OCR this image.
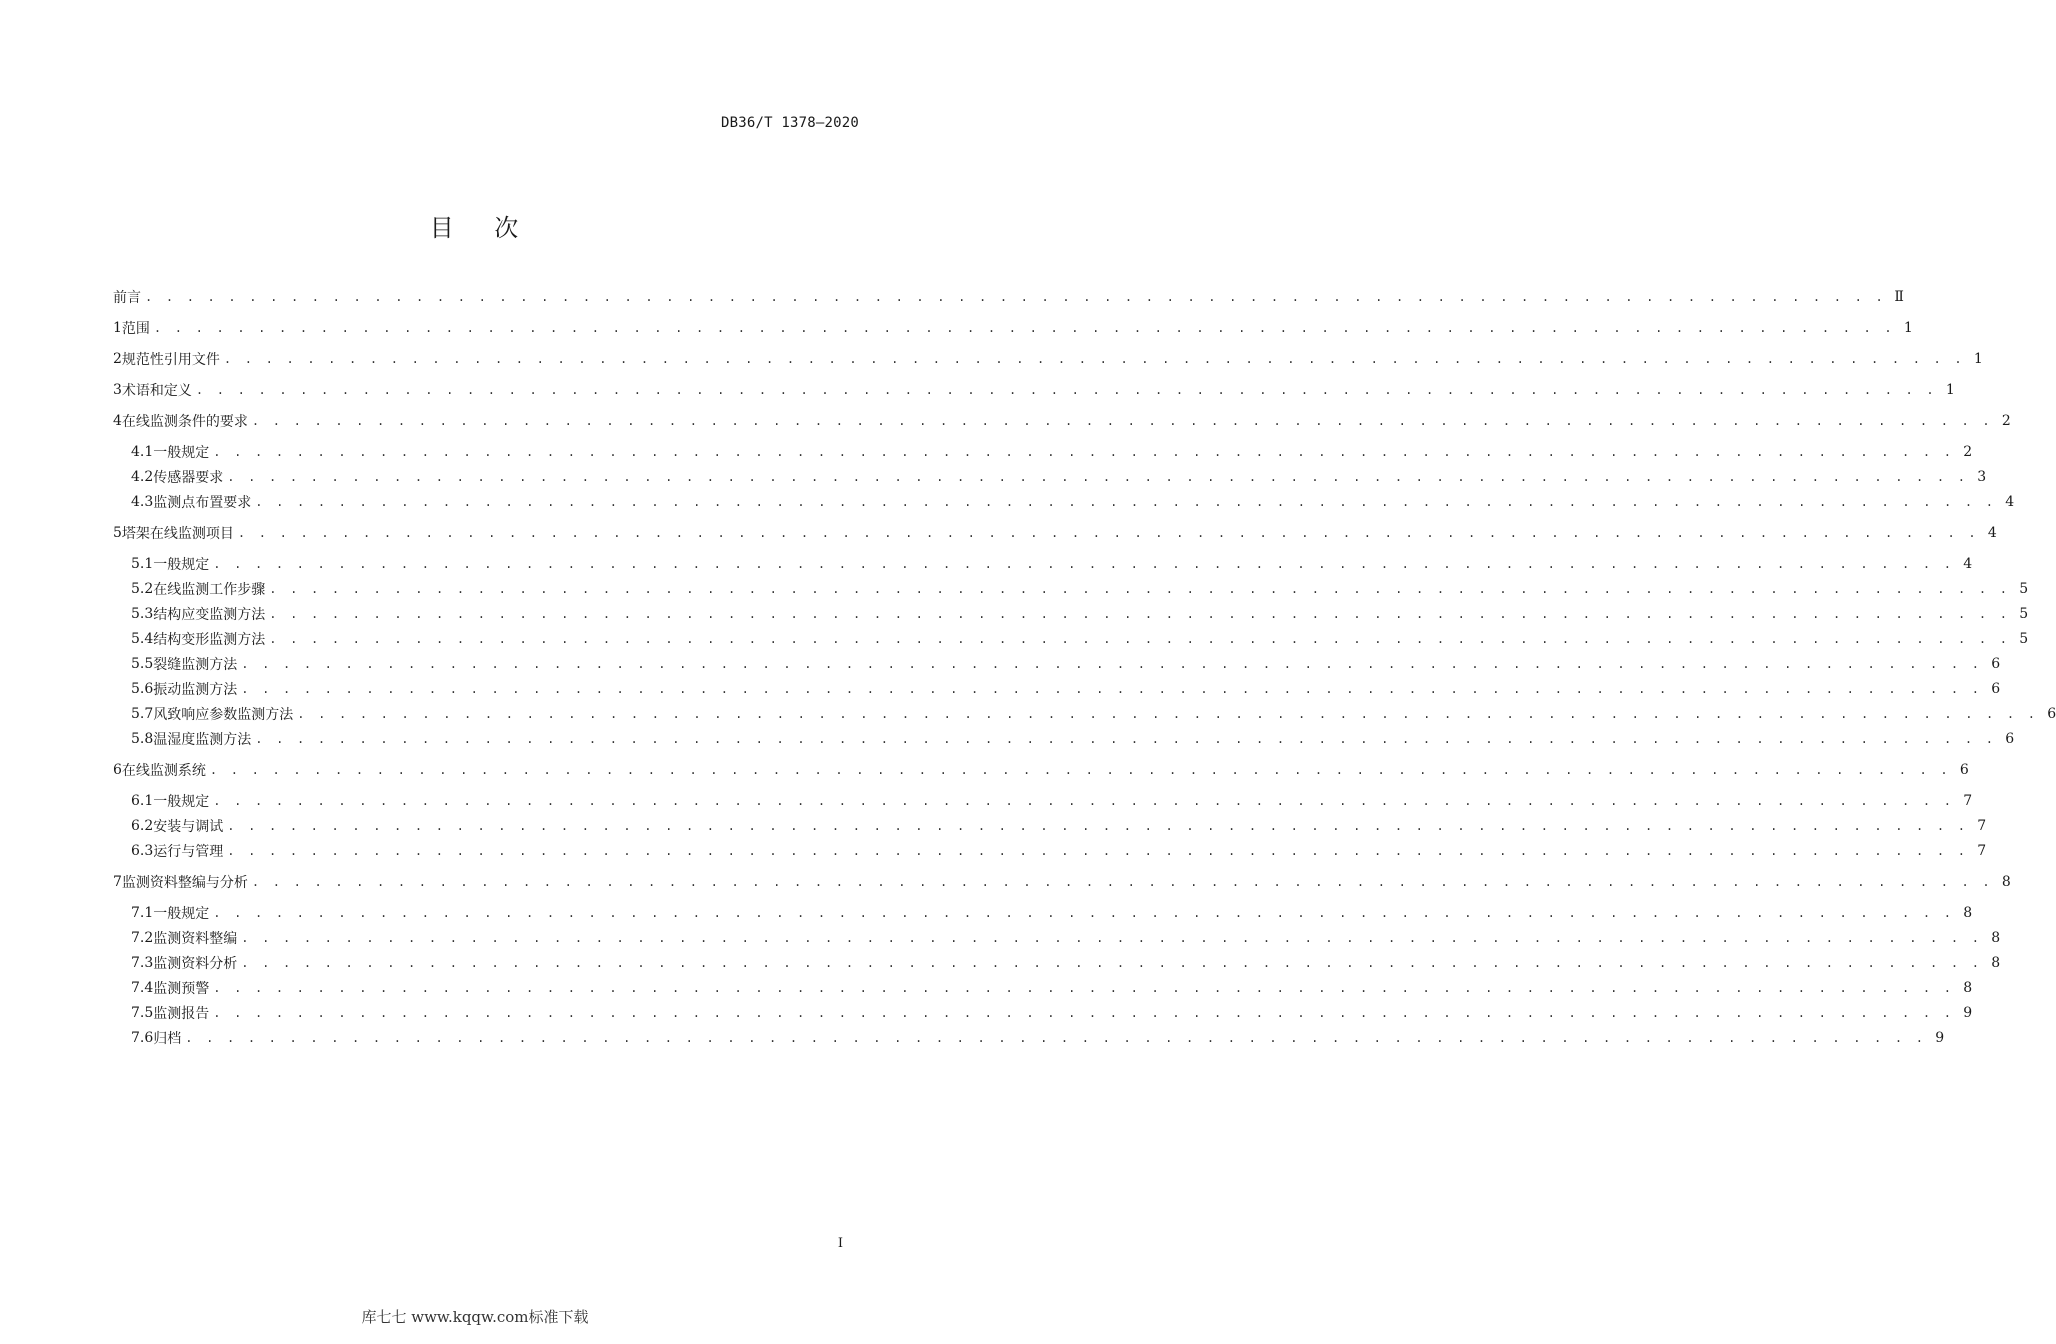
DB36/T 1378—2020
目 次
前言 . . . . . . . . . . . . . . . . . . . . . . . . . . . . . . . . . . . . . . . . . . . . . . . . . . . . . . . . . . . . . . . . . . . . . . . . . . . . . . . . . . . . Ⅱ
1 范围 . . . . . . . . . . . . . . . . . . . . . . . . . . . . . . . . . . . . . . . . . . . . . . . . . . . . . . . . . . . . . . . . . . . . . . . . . . . . . . . . . . . . 1
2 规范性引用文件 . . . . . . . . . . . . . . . . . . . . . . . . . . . . . . . . . . . . . . . . . . . . . . . . . . . . . . . . . . . . . . . . . . . . . . . . . . . . . . . . . . . . 1
3 术语和定义 . . . . . . . . . . . . . . . . . . . . . . . . . . . . . . . . . . . . . . . . . . . . . . . . . . . . . . . . . . . . . . . . . . . . . . . . . . . . . . . . . . . . 1
4 在线监测条件的要求 . . . . . . . . . . . . . . . . . . . . . . . . . . . . . . . . . . . . . . . . . . . . . . . . . . . . . . . . . . . . . . . . . . . . . . . . . . . . . . . . . . . . 2
4.1 一般规定 . . . . . . . . . . . . . . . . . . . . . . . . . . . . . . . . . . . . . . . . . . . . . . . . . . . . . . . . . . . . . . . . . . . . . . . . . . . . . . . . . . . . 2
4.2 传感器要求 . . . . . . . . . . . . . . . . . . . . . . . . . . . . . . . . . . . . . . . . . . . . . . . . . . . . . . . . . . . . . . . . . . . . . . . . . . . . . . . . . . . . 3
4.3 监测点布置要求 . . . . . . . . . . . . . . . . . . . . . . . . . . . . . . . . . . . . . . . . . . . . . . . . . . . . . . . . . . . . . . . . . . . . . . . . . . . . . . . . . . . . 4
5 塔架在线监测项目 . . . . . . . . . . . . . . . . . . . . . . . . . . . . . . . . . . . . . . . . . . . . . . . . . . . . . . . . . . . . . . . . . . . . . . . . . . . . . . . . . . . . 4
5.1 一般规定 . . . . . . . . . . . . . . . . . . . . . . . . . . . . . . . . . . . . . . . . . . . . . . . . . . . . . . . . . . . . . . . . . . . . . . . . . . . . . . . . . . . . 4
5.2 在线监测工作步骤 . . . . . . . . . . . . . . . . . . . . . . . . . . . . . . . . . . . . . . . . . . . . . . . . . . . . . . . . . . . . . . . . . . . . . . . . . . . . . . . . . . . . 5
5.3 结构应变监测方法 . . . . . . . . . . . . . . . . . . . . . . . . . . . . . . . . . . . . . . . . . . . . . . . . . . . . . . . . . . . . . . . . . . . . . . . . . . . . . . . . . . . . 5
5.4 结构变形监测方法 . . . . . . . . . . . . . . . . . . . . . . . . . . . . . . . . . . . . . . . . . . . . . . . . . . . . . . . . . . . . . . . . . . . . . . . . . . . . . . . . . . . . 5
5.5 裂缝监测方法 . . . . . . . . . . . . . . . . . . . . . . . . . . . . . . . . . . . . . . . . . . . . . . . . . . . . . . . . . . . . . . . . . . . . . . . . . . . . . . . . . . . . 6
5.6 振动监测方法 . . . . . . . . . . . . . . . . . . . . . . . . . . . . . . . . . . . . . . . . . . . . . . . . . . . . . . . . . . . . . . . . . . . . . . . . . . . . . . . . . . . . 6
5.7 风致响应参数监测方法 . . . . . . . . . . . . . . . . . . . . . . . . . . . . . . . . . . . . . . . . . . . . . . . . . . . . . . . . . . . . . . . . . . . . . . . . . . . . . . . . . . . . 6
5.8 温湿度监测方法 . . . . . . . . . . . . . . . . . . . . . . . . . . . . . . . . . . . . . . . . . . . . . . . . . . . . . . . . . . . . . . . . . . . . . . . . . . . . . . . . . . . . 6
6 在线监测系统 . . . . . . . . . . . . . . . . . . . . . . . . . . . . . . . . . . . . . . . . . . . . . . . . . . . . . . . . . . . . . . . . . . . . . . . . . . . . . . . . . . . . 6
6.1 一般规定 . . . . . . . . . . . . . . . . . . . . . . . . . . . . . . . . . . . . . . . . . . . . . . . . . . . . . . . . . . . . . . . . . . . . . . . . . . . . . . . . . . . . 7
6.2 安装与调试 . . . . . . . . . . . . . . . . . . . . . . . . . . . . . . . . . . . . . . . . . . . . . . . . . . . . . . . . . . . . . . . . . . . . . . . . . . . . . . . . . . . . 7
6.3 运行与管理 . . . . . . . . . . . . . . . . . . . . . . . . . . . . . . . . . . . . . . . . . . . . . . . . . . . . . . . . . . . . . . . . . . . . . . . . . . . . . . . . . . . . 7
7 监测资料整编与分析 . . . . . . . . . . . . . . . . . . . . . . . . . . . . . . . . . . . . . . . . . . . . . . . . . . . . . . . . . . . . . . . . . . . . . . . . . . . . . . . . . . . . 8
7.1 一般规定 . . . . . . . . . . . . . . . . . . . . . . . . . . . . . . . . . . . . . . . . . . . . . . . . . . . . . . . . . . . . . . . . . . . . . . . . . . . . . . . . . . . . 8
7.2 监测资料整编 . . . . . . . . . . . . . . . . . . . . . . . . . . . . . . . . . . . . . . . . . . . . . . . . . . . . . . . . . . . . . . . . . . . . . . . . . . . . . . . . . . . . 8
7.3 监测资料分析 . . . . . . . . . . . . . . . . . . . . . . . . . . . . . . . . . . . . . . . . . . . . . . . . . . . . . . . . . . . . . . . . . . . . . . . . . . . . . . . . . . . . 8
7.4 监测预警 . . . . . . . . . . . . . . . . . . . . . . . . . . . . . . . . . . . . . . . . . . . . . . . . . . . . . . . . . . . . . . . . . . . . . . . . . . . . . . . . . . . . 8
7.5 监测报告 . . . . . . . . . . . . . . . . . . . . . . . . . . . . . . . . . . . . . . . . . . . . . . . . . . . . . . . . . . . . . . . . . . . . . . . . . . . . . . . . . . . . 9
7.6 归档 . . . . . . . . . . . . . . . . . . . . . . . . . . . . . . . . . . . . . . . . . . . . . . . . . . . . . . . . . . . . . . . . . . . . . . . . . . . . . . . . . . . . 9
I
库七七 www.kqqw.com标准下载
